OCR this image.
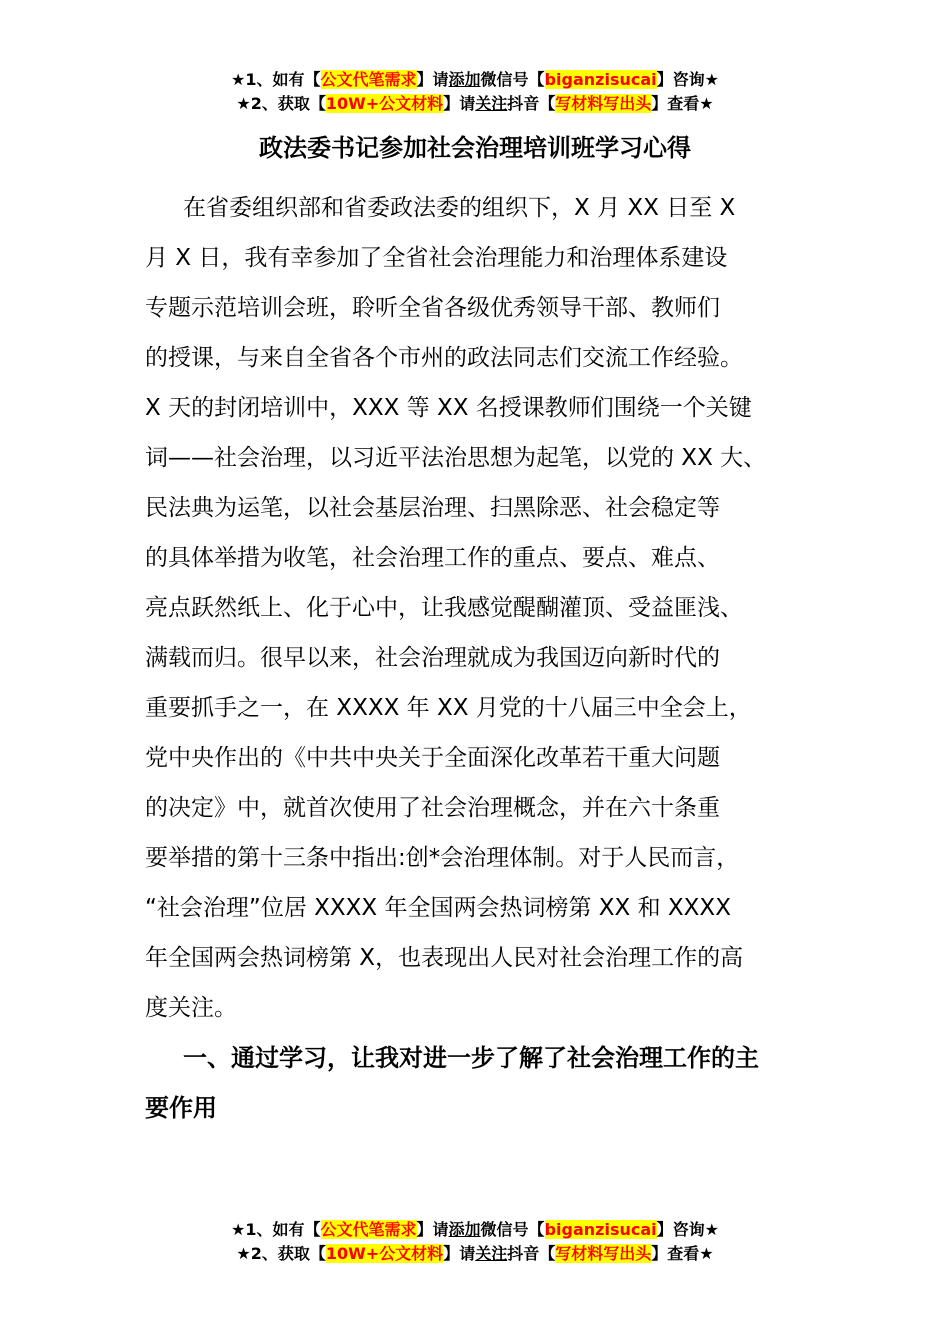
★1、如有【公文代笔需求】请添加微信号【biganzisucai】咨询★
★2、获取【10W+公文材料】请关注抖音【写材料写出头】查看★
政法委书记参加社会治理培训班学习心得
在省委组织部和省委政法委的组织下，X 月 XX 日至 X
月 X 日，我有幸参加了全省社会治理能力和治理体系建设
专题示范培训会班，聆听全省各级优秀领导干部、教师们
的授课，与来自全省各个市州的政法同志们交流工作经验。
X 天的封闭培训中，XXX 等 XX 名授课教师们围绕一个关键
词——社会治理，以习近平法治思想为起笔，以党的 XX 大、
民法典为运笔，以社会基层治理、扫黑除恶、社会稳定等
的具体举措为收笔，社会治理工作的重点、要点、难点、
亮点跃然纸上、化于心中，让我感觉醍醐灌顶、受益匪浅、
满载而归。很早以来，社会治理就成为我国迈向新时代的
重要抓手之一，在 XXXX 年 XX 月党的十八届三中全会上，
党中央作出的《中共中央关于全面深化改革若干重大问题
的决定》中，就首次使用了社会治理概念，并在六十条重
要举措的第十三条中指出:创*会治理体制。对于人民而言，
“社会治理”位居 XXXX 年全国两会热词榜第 XX 和 XXXX
年全国两会热词榜第 X，也表现出人民对社会治理工作的高
度关注。
一、通过学习，让我对进一步了解了社会治理工作的主
要作用
★1、如有【公文代笔需求】请添加微信号【biganzisucai】咨询★
★2、获取【10W+公文材料】请关注抖音【写材料写出头】查看★
